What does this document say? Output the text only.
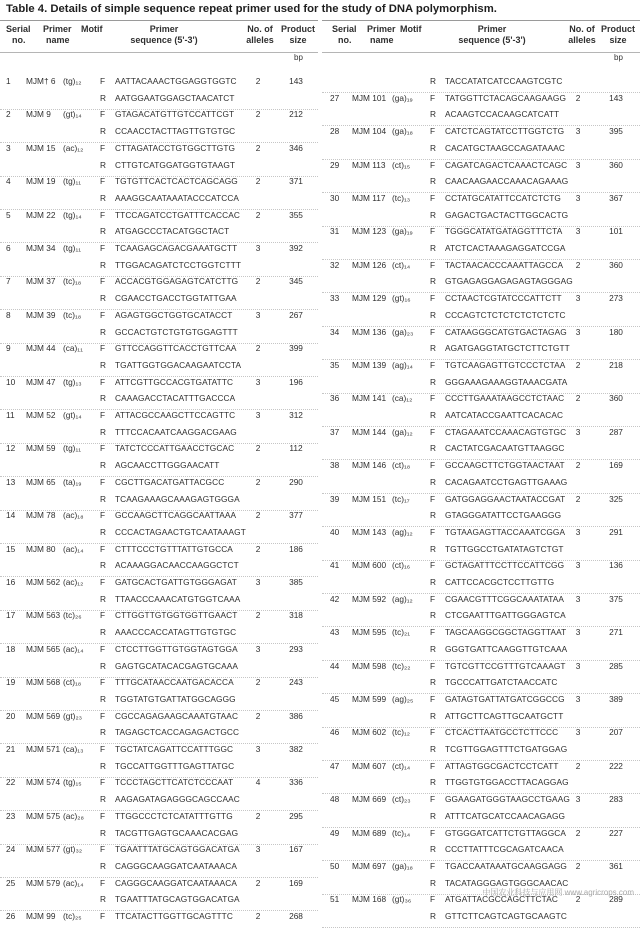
Table 4. Details of simple sequence repeat primer used for the study of DNA polymorphism.
Serial
no.
Primer
name
Motif	Primer
sequence (5'-3')
No. of
alleles
Product
size
bp
1 MJM† 6 (tg)₁₂ F AATTACAAACTGGAGGTGGTC	2	143
R AATGGAATGGAGCTAACATCT
2 MJM 9 (gt)₁₄ F GTAGACATGTTGTCCATTCGT	2	212
R CCAACCTACTTAGTTGTGTGC
3 MJM 15 (ac)₁₂ F CTTAGATACCTGTGGCTTGTG	2	346
R CTTGTCATGGATGGTGTAAGT
4 MJM 19 (tg)₁₁ F TGTGTTCACTCACTCAGCAGG	2	371
R AAAGGCAATAAATACCCATCCA
5 MJM 22 (tg)₁₄ F TTCCAGATCCTGATTTCACCAC	2	355
R ATGAGCCCTACATGGCTACT
6 MJM 34 (tg)₁₁ F TCAAGAGCAGACGAAATGCTT	3	392
R TTGGACAGATCTCCTGGTCTTT
7 MJM 37 (tc)₁₈ F ACCACGTGGAGAGTCATCTTG	2	345
R CGAACCTGACCTGGTATTGAA
8 MJM 39 (tc)₁₈ F AGAGTGGCTGGTGCATACCT	3	267
R GCCACTGTCTGTGTGGAGTTT
9 MJM 44 (ca)₁₁ F GTTCCAGGTTCACCTGTTCAA	2	399
R TGATTGGTGGACAAGAATCCTA
10 MJM 47 (tg)₁₃ F ATTCGTTGCCACGTGATATTC	3	196
R CAAAGACCTACATTTGACCCA
11 MJM 52 (gt)₁₄ F ATTACGCCAAGCTTCCAGTTC	3	312
R TTTCCACAATCAAGGACGAAG
12 MJM 59 (tg)₁₁ F TATCTCCCATTGAACCTGCAC	2	112
R AGCAACCTTGGGAACATT
13 MJM 65 (ta)₁₉ F CGCTTGACATGATTACGCC	2	290
R TCAAGAAAGCAAAGAGTGGGA
14 MJM 78 (ac)₁₈ F GCCAAGCTTCAGGCAATTAAA	2	377
R CCCACTAGAACTGTCAATAAAGT
15 MJM 80 (ac)₁₄ F CTTTCCCTGTTTATTGTGCCA	2	186
R ACAAAGGACAACCAAGGCTCT
16 MJM 562 (ac)₁₂ F GATGCACTGATTGTGGGAGAT	3	385
R TTAACCCAAACATGTGGTCAAA
17 MJM 563 (tc)₂₆ F CTTGGTTGTGGTGGTTGAACT	2	318
R AAACCCACCATAGTTGTGTGC
18 MJM 565 (ac)₁₄ F CTCCTTGGTTGTGGTAGTGGA	3	293
R GAGTGCATACACGAGTGCAAA
19 MJM 568 (ct)₁₈ F TTTGCATAACCAATGACACCA	2	243
R TGGTATGTGATTATGGCAGGG
20 MJM 569 (gt)₂₃ F CGCCAGAGAAGCAAATGTAAC	2	386
R TAGAGCTCACCAGAGACTGCC
21 MJM 571 (ca)₁₃ F TGCTATCAGATTCCATTTGGC	3	382
R TGCCATTGGTTTGAGTTATGC
22 MJM 574 (tg)₁₅ F TCCCTAGCTTCATCTCCCAAT	4	336
R AAGAGATAGAGGGCAGCCAAC
23 MJM 575 (ac)₂₈ F TTGGCCCTCTCATATTTGTTG	2	295
R TACGTTGAGTGCAAACACGAG
24 MJM 577 (gt)₃₂ F TGAATTTATGCAGTGGACATGA	3	167
R CAGGGCAAGGATCAATAAACA
25 MJM 579 (ac)₁₄ F CAGGGCAAGGATCAATAAACA	2	169
R TGAATTTATGCAGTGGACATGA
26 MJM 99 (tc)₂₅ F TTCATACTTGGTTGCAGTTTC	2	268
Serial
no.
Primer
name
Motif	Primer
sequence (5'-3')
No. of
alleles
Product
size
bp
R TACCATATCATCCAAGTCGTC
27 MJM 101 (ga)₁₉ F TATGGTTCTACAGCAAGAAGG	2	143
R ACAAGTCCACAAGCATCATT
28 MJM 104 (ga)₁₈ F CATCTCAGTATCCTTGGTCTG	3	395
R CACATGCTAAGCCAGATAAAC
29 MJM 113 (ct)₁₅ F CAGATCAGACTCAAACTCAGC	3	360
R CAACAAGAACCAAACAGAAAG
30 MJM 117 (tc)₁₃ F CCTATGCATATTCCATCTCTG	3	367
R GAGACTGACTACTTGGCACTG
31 MJM 123 (ga)₁₉ F TGGGCATATGATAGGTTTCTA	3	101
R ATCTCACTAAAGAGGATCCGA
32 MJM 126 (ct)₁₄ F TACTAACACCCAAATTAGCCA	2	360
R GTGAGAGGAGAGAGTAGGGAG
33 MJM 129 (gt)₁₆ F CCTAACTCGTATCCCATTCTT	3	273
R CCCAGTCTCTCTCTCTCTCTC
34 MJM 136 (ga)₂₃ F CATAAGGGCATGTGACTAGAG	3	180
R AGATGAGGTATGCTCTTCTGTT
35 MJM 139 (ag)₁₄ F TGTCAAGAGTTGTCCCTCTAA	2	218
R GGGAAAGAAAGGTAAACGATA
36 MJM 141 (ca)₁₂ F CCCTTGAAATAAGCCTCTAAC	2	360
R AATCATACCGAATTCACACAC
37 MJM 144 (ga)₁₂ F CTAGAAATCCAAACAGTGTGC	3	287
R CACTATCGACAATGTTAAGGC
38 MJM 146 (ct)₁₈ F GCCAAGCTTCTGGTAACTAAT	2	169
R CACAGAATCCTGAGTTGAAAG
39 MJM 151 (tc)₁₇ F GATGGAGGAACTAATACCGAT	2	325
R GTAGGGATATTCCTGAAGGG
40 MJM 143 (ag)₁₂ F TGTAAGAGTTACCAAATCGGA	3	291
R TGTTGGCCTGATATAGTCTGT
41 MJM 600 (ct)₁₆ F GCTAGATTTCCTTCCATTCGG	3	136
R CATTCCACGCTCCTTGTTG
42 MJM 592 (ag)₁₂ F CGAACGTTTCGGCAAATATAA	3	375
R CTCGAATTTGATTGGGAGTCA
43 MJM 595 (tc)₂₁ F TAGCAAGGCGGCTAGGTTAAT	3	271
R GGGTGATTCAAGGTTGTCAAA
44 MJM 598 (tc)₂₂ F TGTCGTTCCGTTTGTCAAAGT	3	285
R TGCCCATTGATCTAACCATC
45 MJM 599 (ag)₂₅ F GATAGTGATTATGATCGGCCG	3	389
R ATTGCTTCAGTTGCAATGCTT
46 MJM 602 (tc)₁₂ F CTCACTTAATGCCTCTTCCC	3	207
R TCGTTGGAGTTTCTGATGGAG
47 MJM 607 (ct)₁₄ F ATTAGTGGCGACTCCTCATT	2	222
R TTGGTGTGGACCTTACAGGAG
48 MJM 669 (ct)₂₃ F GGAAGATGGGTAAGCCTGAAG 3	283
R ATTTCATGCATCCAACAGAGG
49 MJM 689 (tc)₁₄ F GTGGGATCATTCTGTTAGGCA	2	227
R CCCTTATTTCGCAGATCAACA
50 MJM 697 (ga)₁₈ F TGACCAATAAATGCAAGGAGG	2	361
R TACATAGGGAGTGGGCAACAC
51 MJM 168 (gt)₃₆ F ATGATTACGCCAGCTTCTAC	2	289
R GTTCTTCAGTCAGTGCAAGTC
中国农业科技与应用网 www.agricrops.com
